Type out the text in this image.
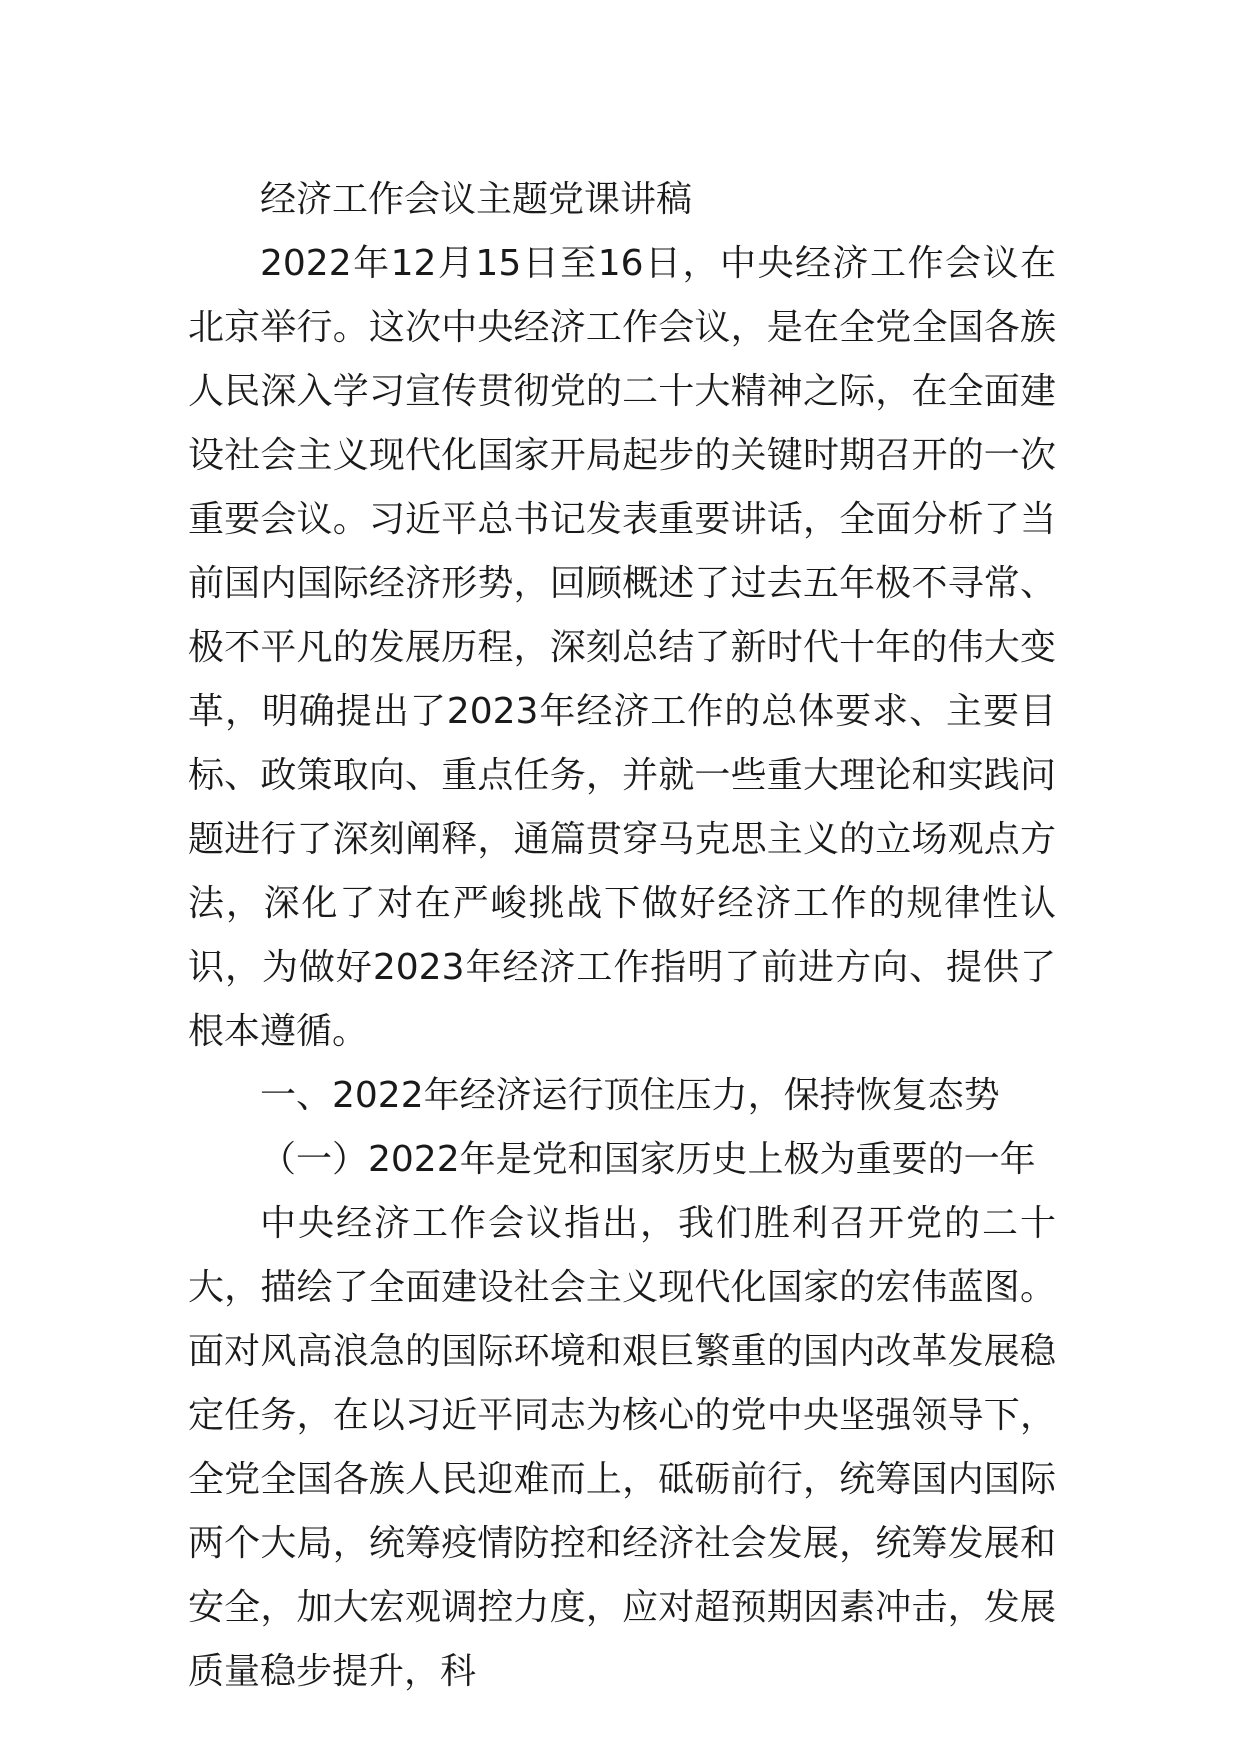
经济工作会议主题党课讲稿

2022年12月15日至16日，中央经济工作会议在北京举行。这次中央经济工作会议，是在全党全国各族人民深入学习宣传贯彻党的二十大精神之际，在全面建设社会主义现代化国家开局起步的关键时期召开的一次重要会议。习近平总书记发表重要讲话，全面分析了当前国内国际经济形势，回顾概述了过去五年极不寻常、极不平凡的发展历程，深刻总结了新时代十年的伟大变革，明确提出了2023年经济工作的总体要求、主要目标、政策取向、重点任务，并就一些重大理论和实践问题进行了深刻阐释，通篇贯穿马克思主义的立场观点方法，深化了对在严峻挑战下做好经济工作的规律性认识，为做好2023年经济工作指明了前进方向、提供了根本遵循。

一、2022年经济运行顶住压力，保持恢复态势

（一）2022年是党和国家历史上极为重要的一年

中央经济工作会议指出，我们胜利召开党的二十大，描绘了全面建设社会主义现代化国家的宏伟蓝图。面对风高浪急的国际环境和艰巨繁重的国内改革发展稳定任务，在以习近平同志为核心的党中央坚强领导下，全党全国各族人民迎难而上，砥砺前行，统筹国内国际两个大局，统筹疫情防控和经济社会发展，统筹发展和安全，加大宏观调控力度，应对超预期因素冲击，发展质量稳步提升，科
